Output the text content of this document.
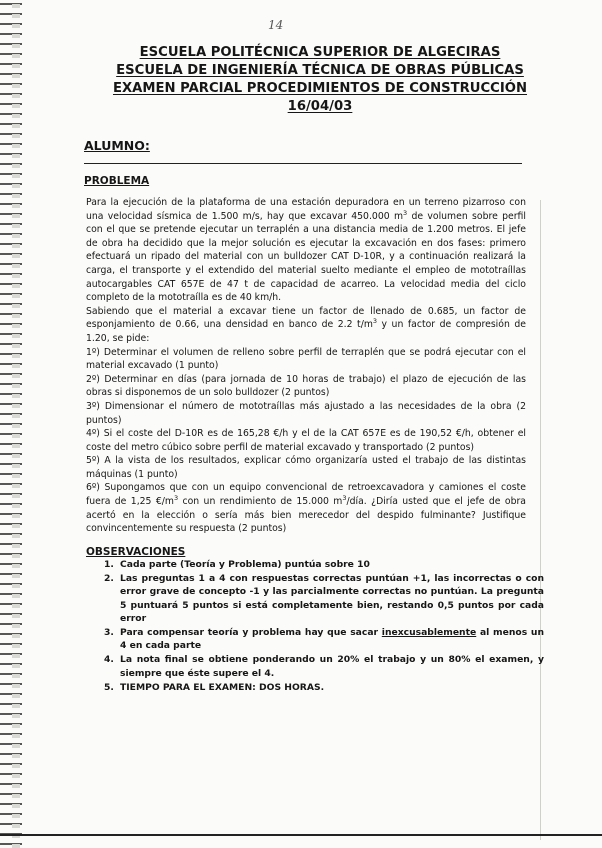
14
ESCUELA POLITÉCNICA SUPERIOR DE ALGECIRAS
ESCUELA DE INGENIERÍA TÉCNICA DE OBRAS PÚBLICAS
EXAMEN PARCIAL PROCEDIMIENTOS DE CONSTRUCCIÓN
16/04/03
ALUMNO:
PROBLEMA

Para la ejecución de la plataforma de una estación depuradora en un terreno pizarroso con una velocidad sísmica de 1.500 m/s, hay que excavar 450.000 $m^3$ de volumen sobre perfil con el que se pretende ejecutar un terraplén a una distancia media de 1.200 metros. El jefe de obra ha decidido que la mejor solución es ejecutar la excavación en dos fases: primero efectuará un ripado del material con un bulldozer CAT D-10R, y a continuación realizará la carga, el transporte y el extendido del material suelto mediante el empleo de mototraíllas autocargables CAT 657E de 47 t de capacidad de acarreo. La velocidad media del ciclo completo de la mototraílla es de 40 km/h.

Sabiendo que el material a excavar tiene un factor de llenado de 0.685, un factor de esponjamiento de 0.66, una densidad en banco de 2.2 $t/m^3$ y un factor de compresión de 1.20, se pide:

1º) Determinar el volumen de relleno sobre perfil de terraplén que se podrá ejecutar con el material excavado (1 punto)

2º) Determinar en días (para jornada de 10 horas de trabajo) el plazo de ejecución de las obras si disponemos de un solo bulldozer (2 puntos)

3º) Dimensionar el número de mototraíllas más ajustado a las necesidades de la obra (2 puntos)

4º) Si el coste del D-10R es de 165,28 €/h y el de la CAT 657E es de 190,52 €/h, obtener el coste del metro cúbico sobre perfil de material excavado y transportado (2 puntos)

5º) A la vista de los resultados, explicar cómo organizaría usted el trabajo de las distintas máquinas (1 punto)

6º) Supongamos que con un equipo convencional de retroexcavadora y camiones el coste fuera de 1,25 $€/m^3$ con un rendimiento de 15.000 $m^3$/día. ¿Diría usted que el jefe de obra acertó en la elección o sería más bien merecedor del despido fulminante? Justifique convincentemente su respuesta (2 puntos)

OBSERVACIONES
1. Cada parte (Teoría y Problema) puntúa sobre 10
2. Las preguntas 1 a 4 con respuestas correctas puntúan +1, las incorrectas o con error grave de concepto -1 y las parcialmente correctas no puntúan. La pregunta 5 puntuará 5 puntos si está completamente bien, restando 0,5 puntos por cada error
3. Para compensar teoría y problema hay que sacar inexcusablemente al menos un 4 en cada parte
4. La nota final se obtiene ponderando un 20% el trabajo y un 80% el examen, y siempre que éste supere el 4.
5. TIEMPO PARA EL EXAMEN: DOS HORAS.
